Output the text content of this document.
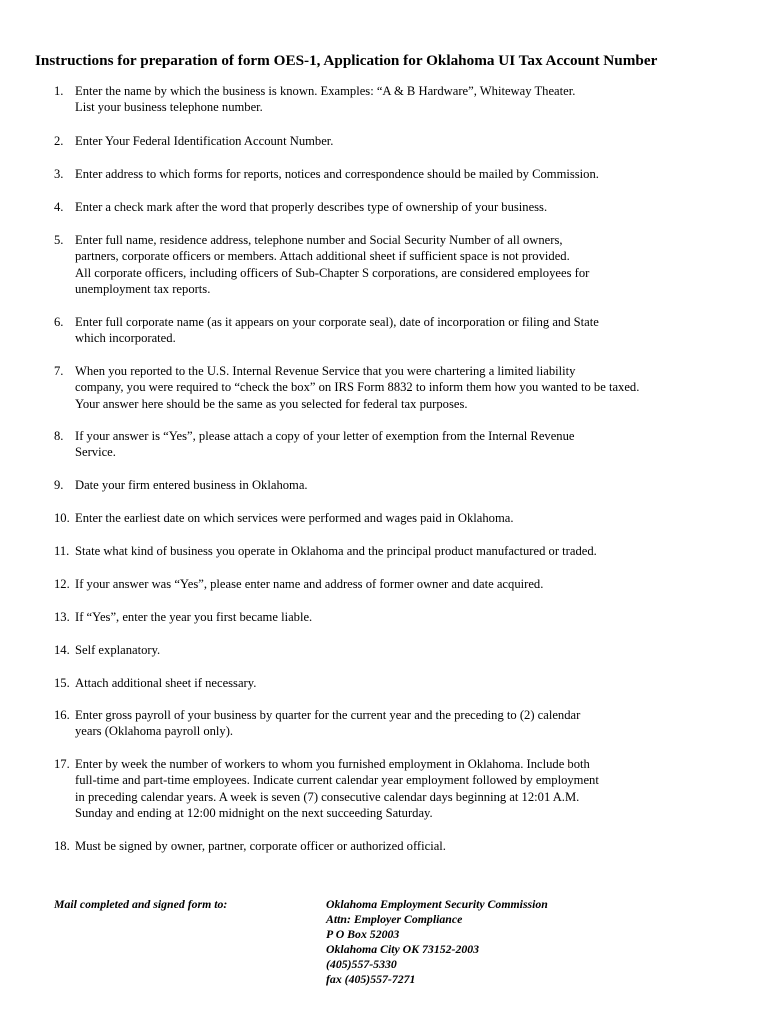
Instructions for preparation of form OES-1, Application for Oklahoma UI Tax Account Number
1. Enter the name by which the business is known. Examples: “A & B Hardware”, Whiteway Theater.
List your business telephone number.
2. Enter Your Federal Identification Account Number.
3. Enter address to which forms for reports, notices and correspondence should be mailed by Commission.
4. Enter a check mark after the word that properly describes type of ownership of your business.
5. Enter full name, residence address, telephone number and Social Security Number of all owners,
partners, corporate officers or members. Attach additional sheet if sufficient space is not provided.
All corporate officers, including officers of Sub-Chapter S corporations, are considered employees for
unemployment tax reports.
6. Enter full corporate name (as it appears on your corporate seal), date of incorporation or filing and State
which incorporated.
7. When you reported to the U.S. Internal Revenue Service that you were chartering a limited liability
company, you were required to “check the box” on IRS Form 8832 to inform them how you wanted to be taxed.
Your answer here should be the same as you selected for federal tax purposes.
8. If your answer is “Yes”, please attach a copy of your letter of exemption from the Internal Revenue
Service.
9. Date your firm entered business in Oklahoma.
10. Enter the earliest date on which services were performed and wages paid in Oklahoma.
11. State what kind of business you operate in Oklahoma and the principal product manufactured or traded.
12. If your answer was “Yes”, please enter name and address of former owner and date acquired.
13. If “Yes”, enter the year you first became liable.
14. Self explanatory.
15. Attach additional sheet if necessary.
16. Enter gross payroll of your business by quarter for the current year and the preceding to (2) calendar
years (Oklahoma payroll only).
17. Enter by week the number of workers to whom you furnished employment in Oklahoma. Include both
full-time and part-time employees. Indicate current calendar year employment followed by employment
in preceding calendar years. A week is seven (7) consecutive calendar days beginning at 12:01 A.M.
Sunday and ending at 12:00 midnight on the next succeeding Saturday.
18. Must be signed by owner, partner, corporate officer or authorized official.
Mail completed and signed form to:	Oklahoma Employment Security Commission
Attn: Employer Compliance
P O Box 52003
Oklahoma City OK 73152-2003
(405)557-5330
fax (405)557-7271
